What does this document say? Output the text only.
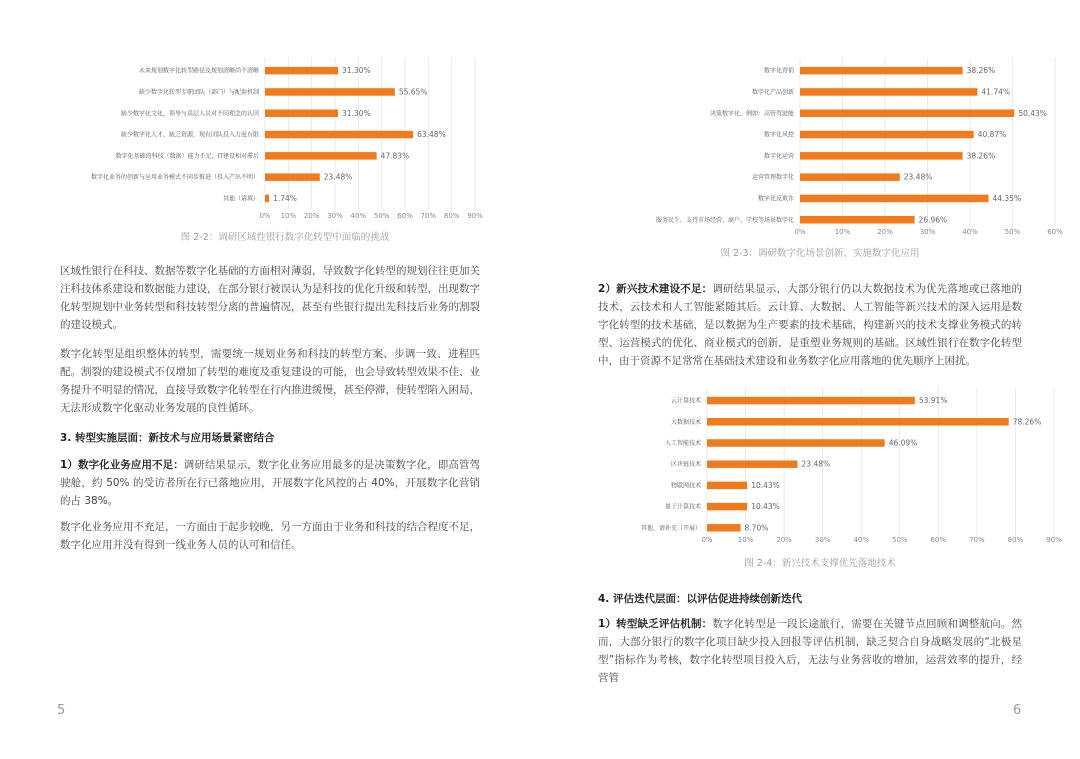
0% 10% 20% 30% 40% 50% 60% 70% 80% 90%
未来规划数字化转型路径及规划清晰尚不清晰	31.30%
缺少数字化转型专职团队（部门）与配套机制	55.65%
缺少数字化文化，领导与基层人员对不同理念的认同	31.30%
缺少数字化人才，缺乏资源，现有团队投入力度有限	63.48%
数字化基础的科技（数据）能力不足，IT建设相对滞后	47.83%
数字化业务的创新与应用业务模式不同步推进（投入产出不明）	23.48%
其他（请填） 1.74%
图 2-2：调研区域性银行数字化转型中面临的挑战

区域性银行在科技、数据等数字化基础的方面相对薄弱，导致数字化转型的规划往往更加关注科技体系建设和数据能力建设，在部分银行被误认为是科技的优化升级和转型，出现数字化转型规划中业务转型和科技转型分离的普遍情况，甚至有些银行提出先科技后业务的割裂的建设模式。

数字化转型是组织整体的转型，需要统一规划业务和科技的转型方案、步调一致、进程匹配。割裂的建设模式不仅增加了转型的难度及重复建设的可能，也会导致转型效果不佳、业务提升不明显的情况，直接导致数字化转型在行内推进缓慢，甚至停滞，使转型陷入困局，无法形成数字化驱动业务发展的良性循环。

3. 转型实施层面：新技术与应用场景紧密结合

1）数字化业务应用不足：调研结果显示，数字化业务应用最多的是决策数字化，即高管驾驶舱，约 50% 的受访者所在行已落地应用，开展数字化风控的占 40%，开展数字化营销的占 38%。

数字化业务应用不充足，一方面由于起步较晚，另一方面由于业务和科技的结合程度不足，数字化应用并没有得到一线业务人员的认可和信任。

5
0%	10%	20%	30%	40%	50%	60%
数字化营销	38.26%
数字化产品创新	41.74%
决策数字化，例如：高管驾驶舱	50.43%
数字化风控	40.87%
数字化运营	38.26%
运营管理数字化	23.48%
数字化反欺诈	44.35%
服务民生，支持市场经营、商户、学校等场景数字化	26.96%
图 2-3：调研数字化场景创新、实施数字化应用

2）新兴技术建设不足：调研结果显示，大部分银行仍以大数据技术为优先落地或已落地的技术，云技术和人工智能紧随其后。云计算、大数据、人工智能等新兴技术的深入运用是数字化转型的技术基础，是以数据为生产要素的技术基础，构建新兴的技术支撑业务模式的转型、运营模式的优化、商业模式的创新，是重塑业务规则的基础。区域性银行在数字化转型中，由于资源不足常常在基础技术建设和业务数字化应用落地的优先顺序上困扰。

0%	10%	20%	30%	40%	50%	60%	70%	80%	90%
云计算技术	53.91%
大数据技术	78.26%
人工智能技术	46.09%
区块链技术	23.48%
物联网技术	10.43%
量子计算技术	10.43%
其他，请补充（开展）	8.70%
图 2-4：新兴技术支撑优先落地技术

4. 评估迭代层面：以评估促进持续创新迭代

1）转型缺乏评估机制：数字化转型是一段长途旅行，需要在关键节点回顾和调整航向。然而，大部分银行的数字化项目缺少投入回报等评估机制，缺乏契合自身战略发展的“北极星型”指标作为考核，数字化转型项目投入后，无法与业务营收的增加，运营效率的提升，经营管

6
